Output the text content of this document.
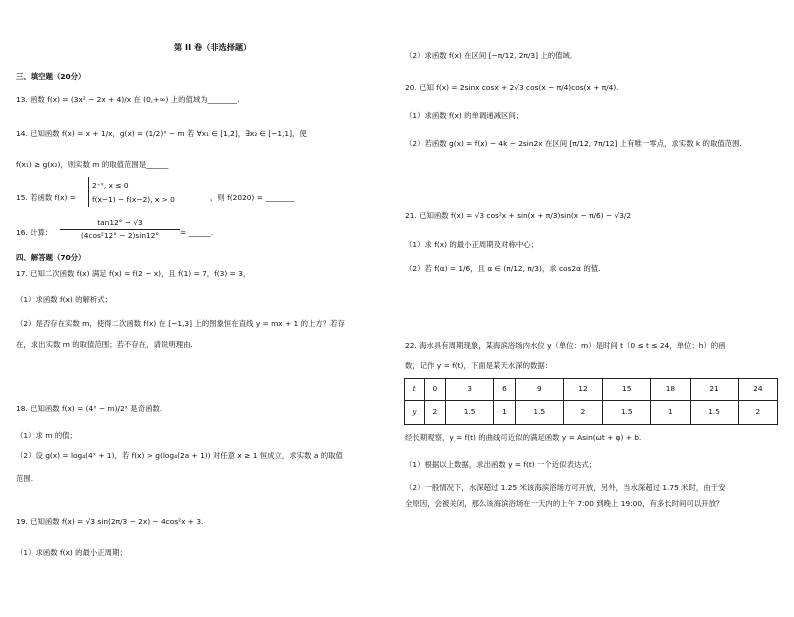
第 II 卷（非选择题）
三、填空题（20分）
13. 函数 f(x) = (3x² − 2x + 4)/x 在 (0,+∞) 上的值域为________.
14. 已知函数 f(x) = x + 1/x，g(x) = (1/2)ˣ − m 若 ∀x₁ ∈ [1,2]，∃x₂ ∈ [−1,1]，使
f(x₁) ≥ g(x₂)，则实数 m 的取值范围是______
15. 若函数 f(x) =
2⁻ˣ, x ≤ 0
f(x−1) − f(x−2), x > 0	，则 f(2020) = ________
16. 计算：
tan12° − √3
(4cos²12° − 2)sin12°	= ______.
四、解答题（70分）
17. 已知二次函数 f(x) 满足 f(x) = f(2 − x)，且 f(1) = 7，f(3) = 3，
（1）求函数 f(x) 的解析式；
（2）是否存在实数 m，使得二次函数 f(x) 在 [−1,3] 上的图象恒在直线 y = mx + 1 的上方？若存
在，求出实数 m 的取值范围；若不存在，请说明理由.
18. 已知函数 f(x) = (4ˣ − m)/2ˣ 是奇函数.
（1）求 m 的值；
（2）设 g(x) = log₄(4ˣ + 1)，若 f(x) > g(log₄(2a + 1)) 对任意 x ≥ 1 恒成立，求实数 a 的取值
范围.
19. 已知函数 f(x) = √3 sin(2π/3 − 2x) − 4cos²x + 3.
（1）求函数 f(x) 的最小正周期；
（2）求函数 f(x) 在区间 [−π/12, 2π/3] 上的值域.
20. 已知 f(x) = 2sinx cosx + 2√3 cos(x − π/4)cos(x + π/4).
（1）求函数 f(x) 的单调递减区间；
（2）若函数 g(x) = f(x) − 4k − 2sin2x 在区间 [π/12, 7π/12] 上有唯一零点，求实数 k 的取值范围.
21. 已知函数 f(x) = √3 cos²x + sin(x + π/3)sin(x − π/6) − √3/2
（1）求 f(x) 的最小正周期及对称中心；
（2）若 f(α) = 1/6，且 α ∈ (π/12, π/3)，求 cos2α 的值.
22. 海水具有周期现象，某海滨浴场内水位 y（单位：m）是时间 t（0 ≤ t ≤ 24，单位：h）的函
数，记作 y = f(t)，下面是某天水深的数据：
t	0	3	6	9	12	15	18	21	24
y	2	1.5	1	1.5	2	1.5	1	1.5	2
经长期观察，y = f(t) 的曲线可近似的满足函数 y = Asin(ωt + φ) + b.
（1）根据以上数据，求出函数 y = f(t) 一个近似表达式；
（2）一般情况下，水深超过 1.25 米该海滨浴场方可开放，另外，当水深超过 1.75 米时，由于安
全原因，会被关闭，那么该海滨浴场在一天内的上午 7:00 到晚上 19:00，有多长时间可以开放？
